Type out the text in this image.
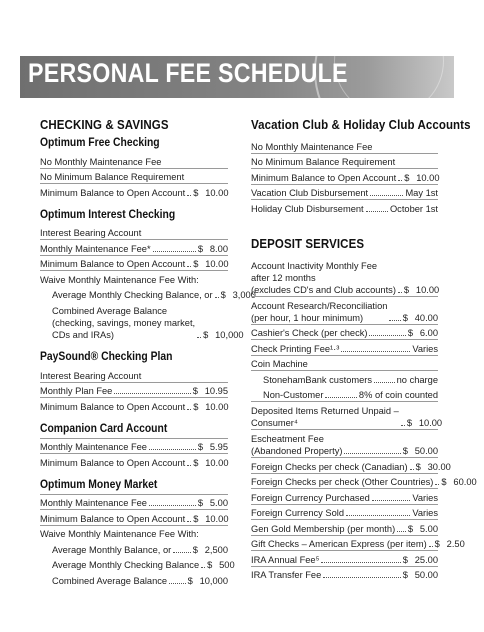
PERSONAL FEE SCHEDULE
CHECKING & SAVINGS
Optimum Free Checking
No Monthly Maintenance Fee
No Minimum Balance Requirement
Minimum Balance to Open Account $ 10.00
Optimum Interest Checking
Interest Bearing Account
Monthly Maintenance Fee*	$ 8.00
Minimum Balance to Open Account $ 10.00
Waive Monthly Maintenance Fee With:
Average Monthly Checking Balance, or $ 3,000
Combined Average Balance
(checking, savings, money market,
CDs and IRAs)	$ 10,000
PaySound® Checking Plan
Interest Bearing Account
Monthly Plan Fee	$ 10.95
Minimum Balance to Open Account $ 10.00
Companion Card Account
Monthly Maintenance Fee	$ 5.95
Minimum Balance to Open Account $ 10.00
Optimum Money Market
Monthly Maintenance Fee	$ 5.00
Minimum Balance to Open Account $ 10.00
Waive Monthly Maintenance Fee With:
Average Monthly Balance, or $ 2,500
Average Monthly Checking Balance $ 500
Combined Average Balance $ 10,000
Vacation Club & Holiday Club Accounts
No Monthly Maintenance Fee
No Minimum Balance Requirement
Minimum Balance to Open Account $ 10.00
Vacation Club Disbursement	May 1st
Holiday Club Disbursement	October 1st
DEPOSIT SERVICES
Account Inactivity Monthly Fee
after 12 months
(excludes CD's and Club accounts) $ 10.00
Account Research/Reconciliation
(per hour, 1 hour minimum)	$ 40.00
Cashier's Check (per check)	$ 6.00
Check Printing Fee¹·³	Varies
Coin Machine
StonehamBank customers	no charge
Non-Customer	8% of coin counted
Deposited Items Returned Unpaid –
Consumer⁴	$ 10.00
Escheatment Fee
(Abandoned Property)	$ 50.00
Foreign Checks per check (Canadian) $ 30.00
Foreign Checks per check (Other Countries) $ 60.00
Foreign Currency Purchased	Varies
Foreign Currency Sold	Varies
Gen Gold Membership (per month) $ 5.00
Gift Checks – American Express (per item) $ 2.50
IRA Annual Fee⁵	$ 25.00
IRA Transfer Fee	$ 50.00
